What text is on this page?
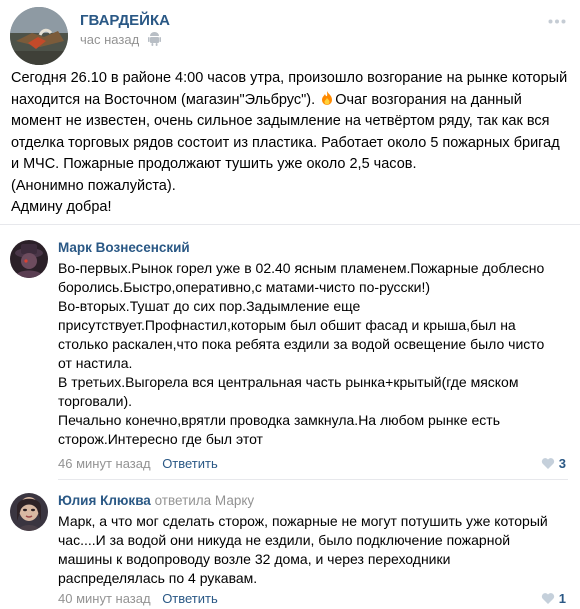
ГВАРДЕЙКА
час назад

Сегодня 26.10 в районе 4:00 часов утра, произошло возгорание на рынке который

находится на Восточном (магазин"Эльбрус"). Очаг возгорания на данный

момент не известен, очень сильное задымление на четвёртом ряду, так как вся

отделка торговых рядов состоит из пластика. Работает около 5 пожарных бригад

и МЧС. Пожарные продолжают тушить уже около 2,5 часов.

(Анонимно пожалуйста).

Админу добра!

Марк Вознесенский

Во-первых.Рынок горел уже в 02.40 ясным пламенем.Пожарные доблесно

боролись.Быстро,оперативно,с матами-чисто по-русски!)

Во-вторых.Тушат до сих пор.Задымление еще

присутствует.Профнастил,которым был обшит фасад и крыша,был на

столько раскален,что пока ребята ездили за водой освещение было чисто

от настила.

В третьих.Выгорела вся центральная часть рынка+крытый(где мяском

торговали).

Печально конечно,врятли проводка замкнула.На любом рынке есть

сторож.Интересно где был этот

46 минут назад Ответить	3
Юлия Клюква ответила Марку

Марк, а что мог сделать сторож, пожарные не могут потушить уже который

час....И за водой они никуда не ездили, было подключение пожарной

машины к водопроводу возле 32 дома, и через переходники

распределялась по 4 рукавам.

40 минут назад Ответить	1
